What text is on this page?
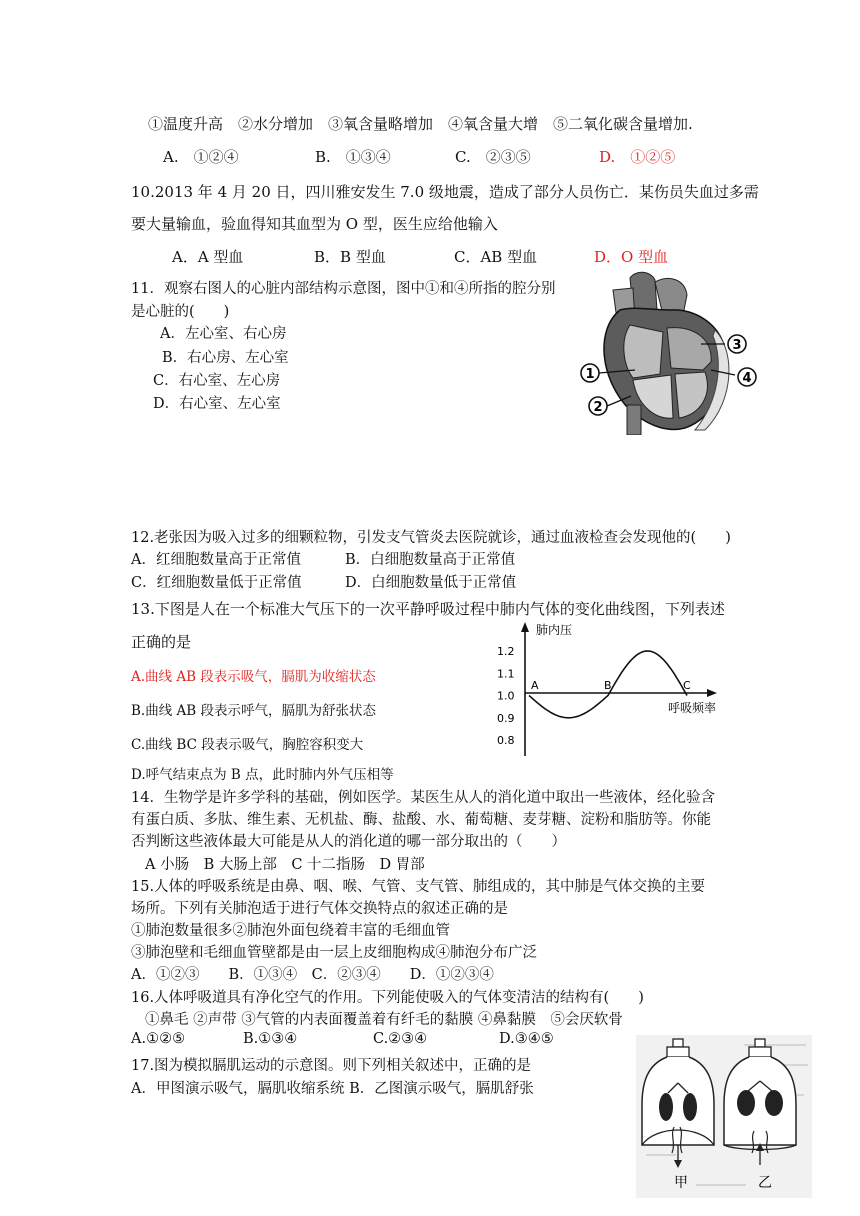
①温度升高　②水分增加　③氧含量略增加　④氧含量大增　⑤二氧化碳含量增加.
A.　①②④	B.　①③④	C.　②③⑤	D.　①②⑤
10.2013 年 4 月 20 日，四川雅安发生 7.0 级地震，造成了部分人员伤亡．某伤员失血过多需
要大量输血，验血得知其血型为 O 型，医生应给他输入
A．A 型血	B．B 型血	C．AB 型血	D．O 型血
11．观察右图人的心脏内部结构示意图，图中①和④所指的腔分别
是心脏的(　　)
A．左心室、右心房
B．右心房、左心室
C．右心室、左心房
D．右心室、左心室
1
2
3
4
12.老张因为吸入过多的细颗粒物，引发支气管炎去医院就诊，通过血液检查会发现他的(　　)
A．红细胞数量高于正常值	B．白细胞数量高于正常值
C．红细胞数量低于正常值	D．白细胞数量低于正常值
13.下图是人在一个标准大气压下的一次平静呼吸过程中肺内气体的变化曲线图，下列表述
正确的是
A.曲线 AB 段表示吸气，膈肌为收缩状态
B.曲线 AB 段表示呼气，膈肌为舒张状态
C.曲线 BC 段表示吸气，胸腔容积变大
D.呼气结束点为 B 点，此时肺内外气压相等
肺内压
呼吸频率
1.2
1.1
1.0
0.9
0.8
A	B	C
14．生物学是许多学科的基础，例如医学。某医生从人的消化道中取出一些液体，经化验含
有蛋白质、多肽、维生素、无机盐、酶、盐酸、水、葡萄糖、麦芽糖、淀粉和脂肪等。你能
否判断这些液体最大可能是从人的消化道的哪一部分取出的（　　）
A 小肠　B 大肠上部　C 十二指肠　D 胃部
15.人体的呼吸系统是由鼻、咽、喉、气管、支气管、肺组成的，其中肺是气体交换的主要
场所。下列有关肺泡适于进行气体交换特点的叙述正确的是
①肺泡数量很多②肺泡外面包绕着丰富的毛细血管
③肺泡壁和毛细血管壁都是由一层上皮细胞构成④肺泡分布广泛
A．①②③　　B．①③④　C．②③④　　D．①②③④
16.人体呼吸道具有净化空气的作用。下列能使吸入的气体变清洁的结构有(　　)
①鼻毛 ②声带 ③气管的内表面覆盖着有纤毛的黏膜 ④鼻黏膜　⑤会厌软骨
A.①②⑤	B.①③④	C.②③④	D.③④⑤
17.图为模拟膈肌运动的示意图。则下列相关叙述中，正确的是
A．甲图演示吸气，膈肌收缩系统 B．乙图演示吸气，膈肌舒张
甲	乙
